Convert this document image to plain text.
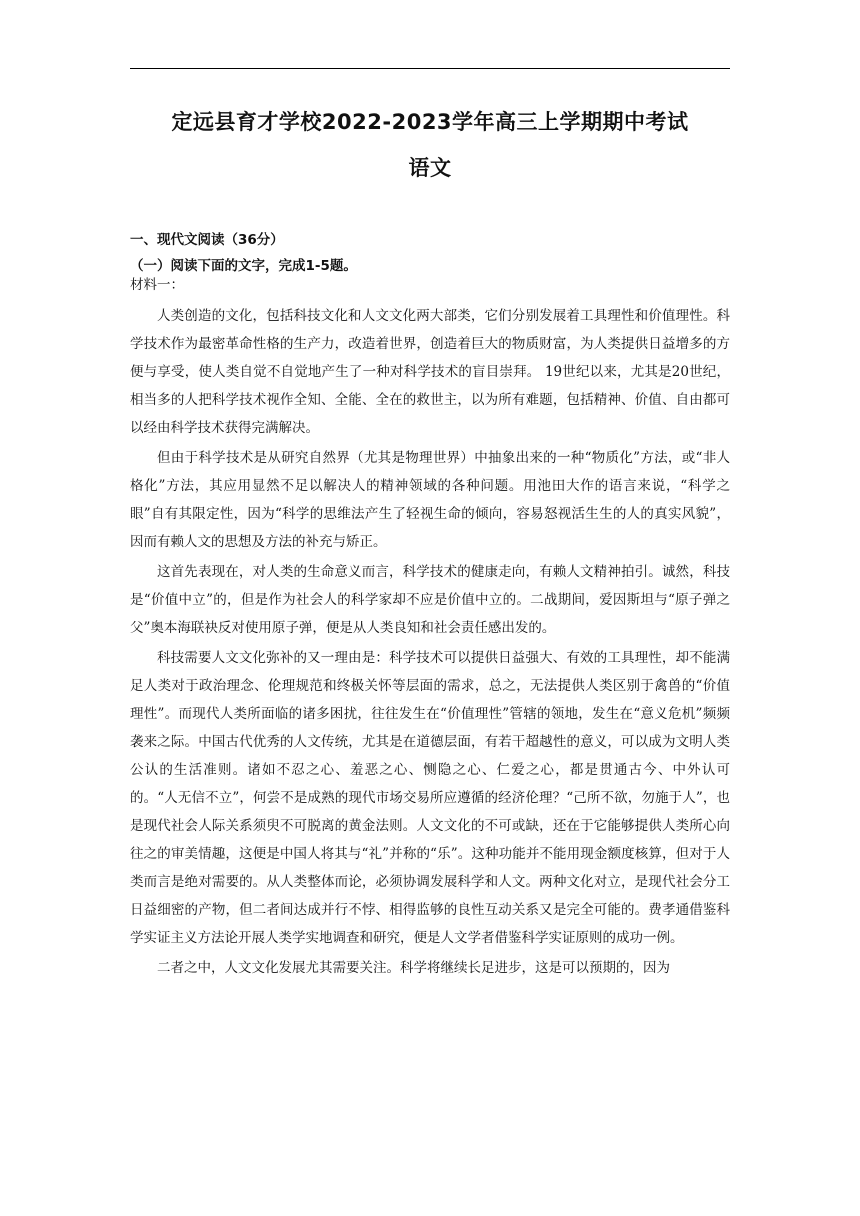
定远县育才学校2022-2023学年高三上学期期中考试
语文

一、现代文阅读（36分）

（一）阅读下面的文字，完成1-5题。

材料一：

人类创造的文化，包括科技文化和人文文化两大部类，它们分别发展着工具理性和价值理性。科学技术作为最密革命性格的生产力，改造着世界，创造着巨大的物质财富，为人类提供日益增多的方便与享受，使人类自觉不自觉地产生了一种对科学技术的盲目崇拜。 19世纪以来，尤其是20世纪，相当多的人把科学技术视作全知、全能、全在的救世主，以为所有难题，包括精神、价值、自由都可以经由科学技术获得完满解决。

但由于科学技术是从研究自然界（尤其是物理世界）中抽象出来的一种“物质化”方法，或“非人格化”方法，其应用显然不足以解决人的精神领域的各种问题。用池田大作的语言来说，“科学之眼”自有其限定性，因为“科学的思维法产生了轻视生命的倾向，容易怒视活生生的人的真实风貌”，因而有赖人文的思想及方法的补充与矫正。

这首先表现在，对人类的生命意义而言，科学技术的健康走向，有赖人文精神拍引。诚然，科技是“价值中立”的，但是作为社会人的科学家却不应是价值中立的。二战期间，爱因斯坦与“原子弹之父”奥本海联袂反对使用原子弹，便是从人类良知和社会责任感出发的。

科技需要人文文化弥补的又一理由是：科学技术可以提供日益强大、有效的工具理性，却不能满足人类对于政治理念、伦理规范和终极关怀等层面的需求，总之，无法提供人类区别于禽兽的“价值理性”。而现代人类所面临的诸多困扰，往往发生在“价值理性”管辖的领地，发生在“意义危机”频频袭来之际。中国古代优秀的人文传统，尤其是在道德层面，有若干超越性的意义，可以成为文明人类公认的生活准则。诸如不忍之心、羞恶之心、恻隐之心、仁爱之心，都是贯通古今、中外认可的。“人无信不立”，何尝不是成熟的现代市场交易所应遵循的经济伦理？“己所不欲，勿施于人”，也是现代社会人际关系须臾不可脱离的黄金法则。人文文化的不可或缺，还在于它能够提供人类所心向往之的审美情趣，这便是中国人将其与“礼”并称的“乐”。这种功能并不能用现金额度核算，但对于人类而言是绝对需要的。从人类整体而论，必须协调发展科学和人文。两种文化对立，是现代社会分工日益细密的产物，但二者间达成并行不悖、相得监够的良性互动关系又是完全可能的。费孝通借鉴科学实证主义方法论开展人类学实地调查和研究，便是人文学者借鉴科学实证原则的成功一例。

二者之中，人文文化发展尤其需要关注。科学将继续长足进步，这是可以预期的，因为
